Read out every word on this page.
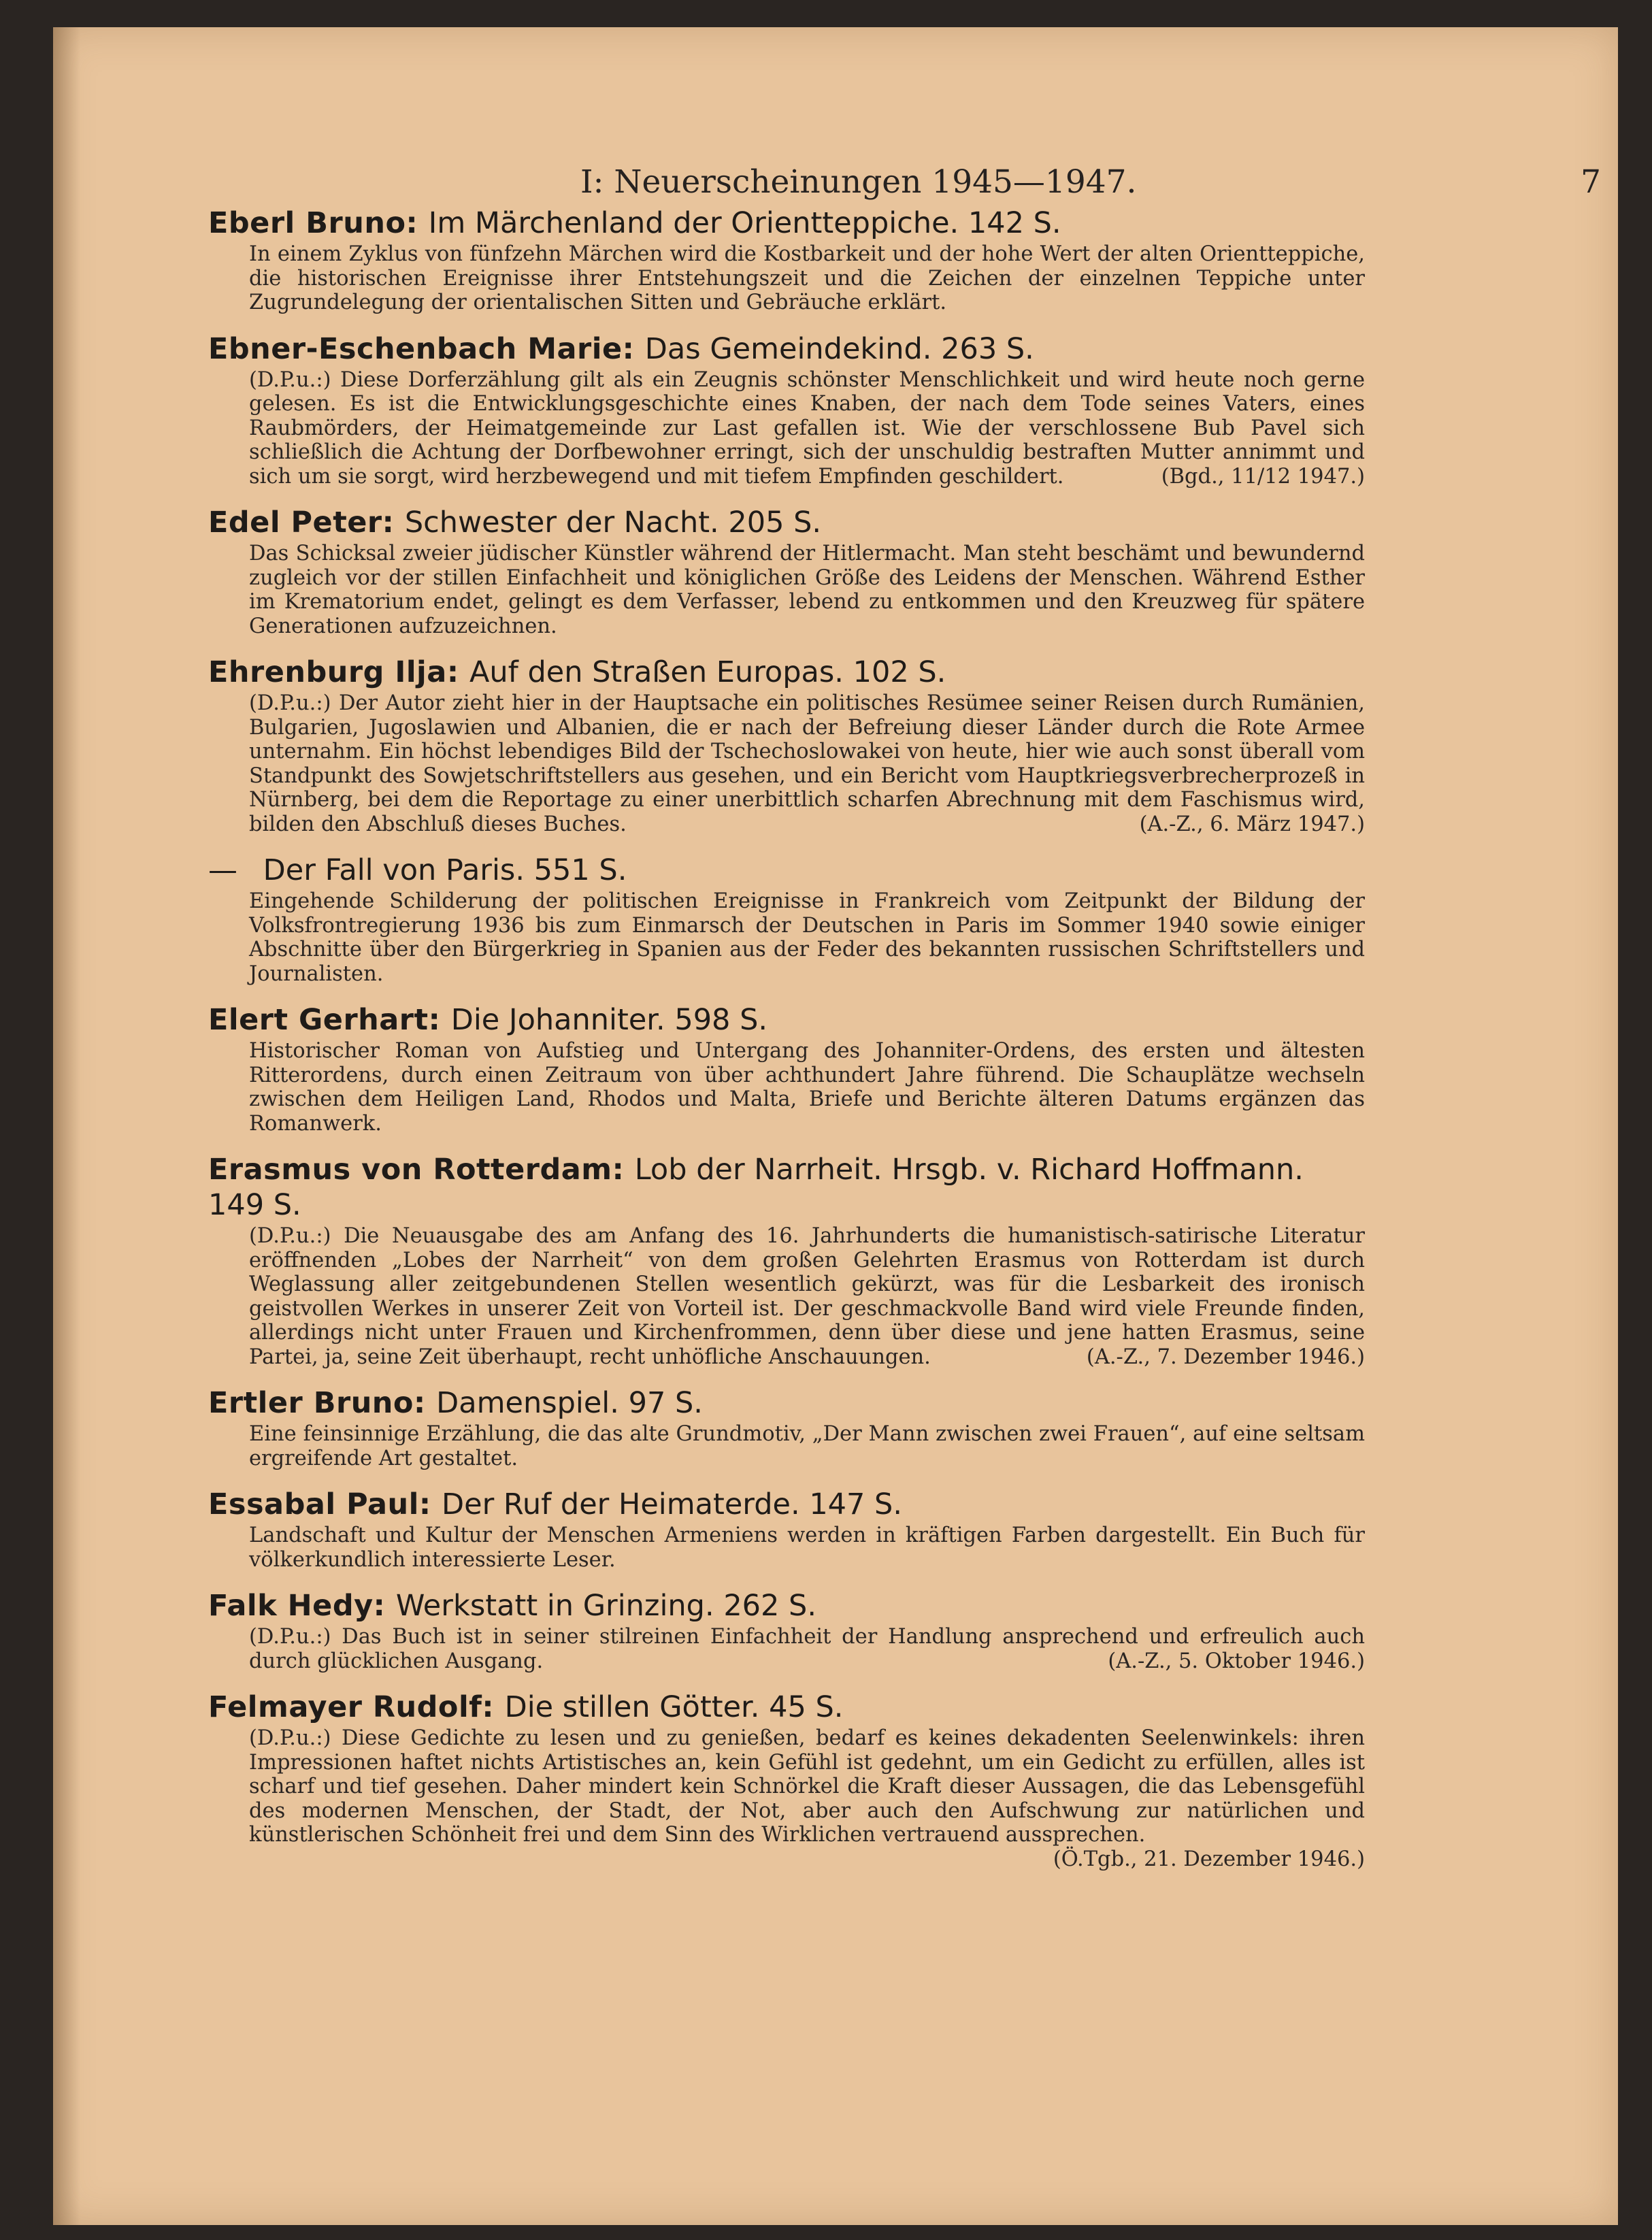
I: Neuerscheinungen 1945—1947.	7
Eberl Bruno: Im Märchenland der Orientteppiche. 142 S.
In einem Zyklus von fünfzehn Märchen wird die Kostbarkeit und der hohe Wert der alten Orientteppiche, die historischen Ereignisse ihrer Entstehungszeit und die Zeichen der einzelnen Teppiche unter Zugrundelegung der orientalischen Sitten und Gebräuche erklärt.
Ebner-Eschenbach Marie: Das Gemeindekind. 263 S.
(D.P.u.:) Diese Dorferzählung gilt als ein Zeugnis schönster Menschlichkeit und wird heute noch gerne gelesen. Es ist die Entwicklungsgeschichte eines Knaben, der nach dem Tode seines Vaters, eines Raubmörders, der Heimatgemeinde zur Last gefallen ist. Wie der verschlossene Bub Pavel sich schließlich die Achtung der Dorfbewohner erringt, sich der unschuldig bestraften Mutter annimmt und sich um sie sorgt, wird herzbewegend und mit tiefem Empfinden geschildert.	(Bgd., 11/12 1947.)
Edel Peter: Schwester der Nacht. 205 S.
Das Schicksal zweier jüdischer Künstler während der Hitlermacht. Man steht beschämt und bewundernd zugleich vor der stillen Einfachheit und königlichen Größe des Leidens der Menschen. Während Esther im Krematorium endet, gelingt es dem Verfasser, lebend zu entkommen und den Kreuzweg für spätere Generationen aufzuzeichnen.
Ehrenburg Ilja: Auf den Straßen Europas. 102 S.
(D.P.u.:) Der Autor zieht hier in der Hauptsache ein politisches Resümee seiner Reisen durch Rumänien, Bulgarien, Jugoslawien und Albanien, die er nach der Befreiung dieser Länder durch die Rote Armee unternahm. Ein höchst lebendiges Bild der Tschechoslowakei von heute, hier wie auch sonst überall vom Standpunkt des Sowjetschriftstellers aus gesehen, und ein Bericht vom Hauptkriegsverbrecherprozeß in Nürnberg, bei dem die Reportage zu einer unerbittlich scharfen Abrechnung mit dem Faschismus wird, bilden den Abschluß dieses Buches.	(A.-Z., 6. März 1947.)
— Der Fall von Paris. 551 S.
Eingehende Schilderung der politischen Ereignisse in Frankreich vom Zeitpunkt der Bildung der Volksfrontregierung 1936 bis zum Einmarsch der Deutschen in Paris im Sommer 1940 sowie einiger Abschnitte über den Bürgerkrieg in Spanien aus der Feder des bekannten russischen Schriftstellers und Journalisten.
Elert Gerhart: Die Johanniter. 598 S.
Historischer Roman von Aufstieg und Untergang des Johanniter-Ordens, des ersten und ältesten Ritterordens, durch einen Zeitraum von über achthundert Jahre führend. Die Schauplätze wechseln zwischen dem Heiligen Land, Rhodos und Malta, Briefe und Berichte älteren Datums ergänzen das Romanwerk.
Erasmus von Rotterdam: Lob der Narrheit. Hrsgb. v. Richard Hoffmann. 149 S.
(D.P.u.:) Die Neuausgabe des am Anfang des 16. Jahrhunderts die humanistisch-satirische Literatur eröffnenden „Lobes der Narrheit“ von dem großen Gelehrten Erasmus von Rotterdam ist durch Weglassung aller zeitgebundenen Stellen wesentlich gekürzt, was für die Lesbarkeit des ironisch geistvollen Werkes in unserer Zeit von Vorteil ist. Der geschmackvolle Band wird viele Freunde finden, allerdings nicht unter Frauen und Kirchenfrommen, denn über diese und jene hatten Erasmus, seine Partei, ja, seine Zeit überhaupt, recht unhöfliche Anschauungen.	(A.-Z., 7. Dezember 1946.)
Ertler Bruno: Damenspiel. 97 S.
Eine feinsinnige Erzählung, die das alte Grundmotiv, „Der Mann zwischen zwei Frauen“, auf eine seltsam ergreifende Art gestaltet.
Essabal Paul: Der Ruf der Heimaterde. 147 S.
Landschaft und Kultur der Menschen Armeniens werden in kräftigen Farben dargestellt. Ein Buch für völkerkundlich interessierte Leser.
Falk Hedy: Werkstatt in Grinzing. 262 S.
(D.P.u.:) Das Buch ist in seiner stilreinen Einfachheit der Handlung ansprechend und erfreulich auch durch glücklichen Ausgang.	(A.-Z., 5. Oktober 1946.)
Felmayer Rudolf: Die stillen Götter. 45 S.
(D.P.u.:) Diese Gedichte zu lesen und zu genießen, bedarf es keines dekadenten Seelenwinkels: ihren Impressionen haftet nichts Artistisches an, kein Gefühl ist gedehnt, um ein Gedicht zu erfüllen, alles ist scharf und tief gesehen. Daher mindert kein Schnörkel die Kraft dieser Aussagen, die das Lebensgefühl des modernen Menschen, der Stadt, der Not, aber auch den Aufschwung zur natürlichen und künstlerischen Schönheit frei und dem Sinn des Wirklichen vertrauend aussprechen.
(Ö.Tgb., 21. Dezember 1946.)
